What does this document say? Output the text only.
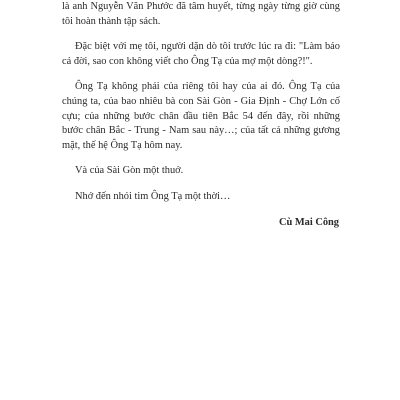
là anh Nguyễn Văn Phước đã tâm huyết, từng ngày từng giờ cùng tôi hoàn thành tập sách.

Đặc biệt với mẹ tôi, người dặn dò tôi trước lúc ra đi: "Làm báo cả đời, sao con không viết cho Ông Tạ của mợ một dòng?!".

Ông Tạ không phải của riêng tôi hay của ai đó. Ông Tạ của chúng ta, của bao nhiêu bà con Sài Gòn - Gia Định - Chợ Lớn cố cựu; của những bước chân đầu tiên Bắc 54 đến đây, rồi những bước chân Bắc - Trung - Nam sau này…; của tất cả những gương mặt, thế hệ Ông Tạ hôm nay.

Và của Sài Gòn một thuở.

Nhớ đến nhói tim Ông Tạ một thời…

Cù Mai Công
